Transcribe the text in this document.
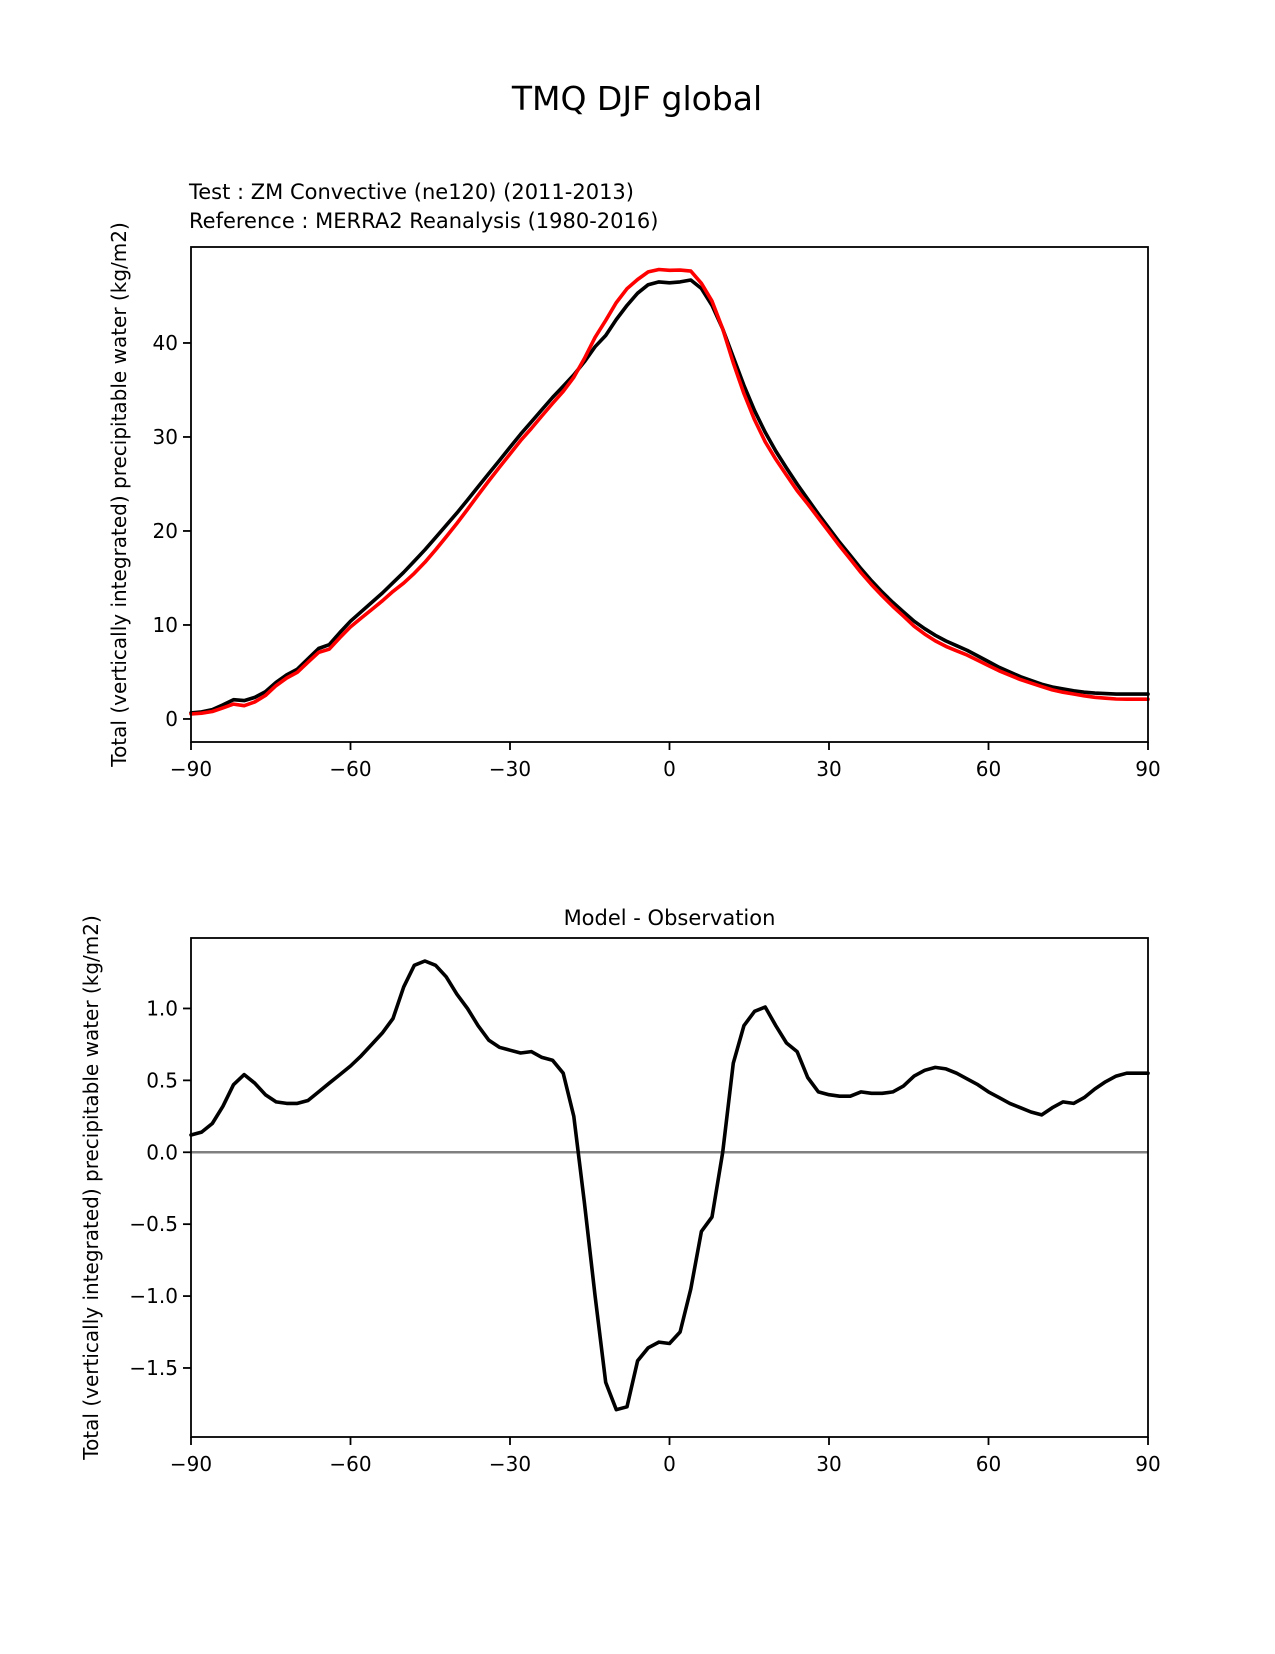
TMQ DJF global
Test : ZM Convective (ne120) (2011-2013)
Reference : MERRA2 Reanalysis (1980-2016)
−90	−60	−30	0	30	60	90
0
10
20
30
40
Total (vertically integrated) precipitable water (kg/m2)
−90	−60	−30	0	30	60	90
1.0
0.5
0.0
−0.5
−1.0
−1.5
Model - Observation
Total (vertically integrated) precipitable water (kg/m2)
